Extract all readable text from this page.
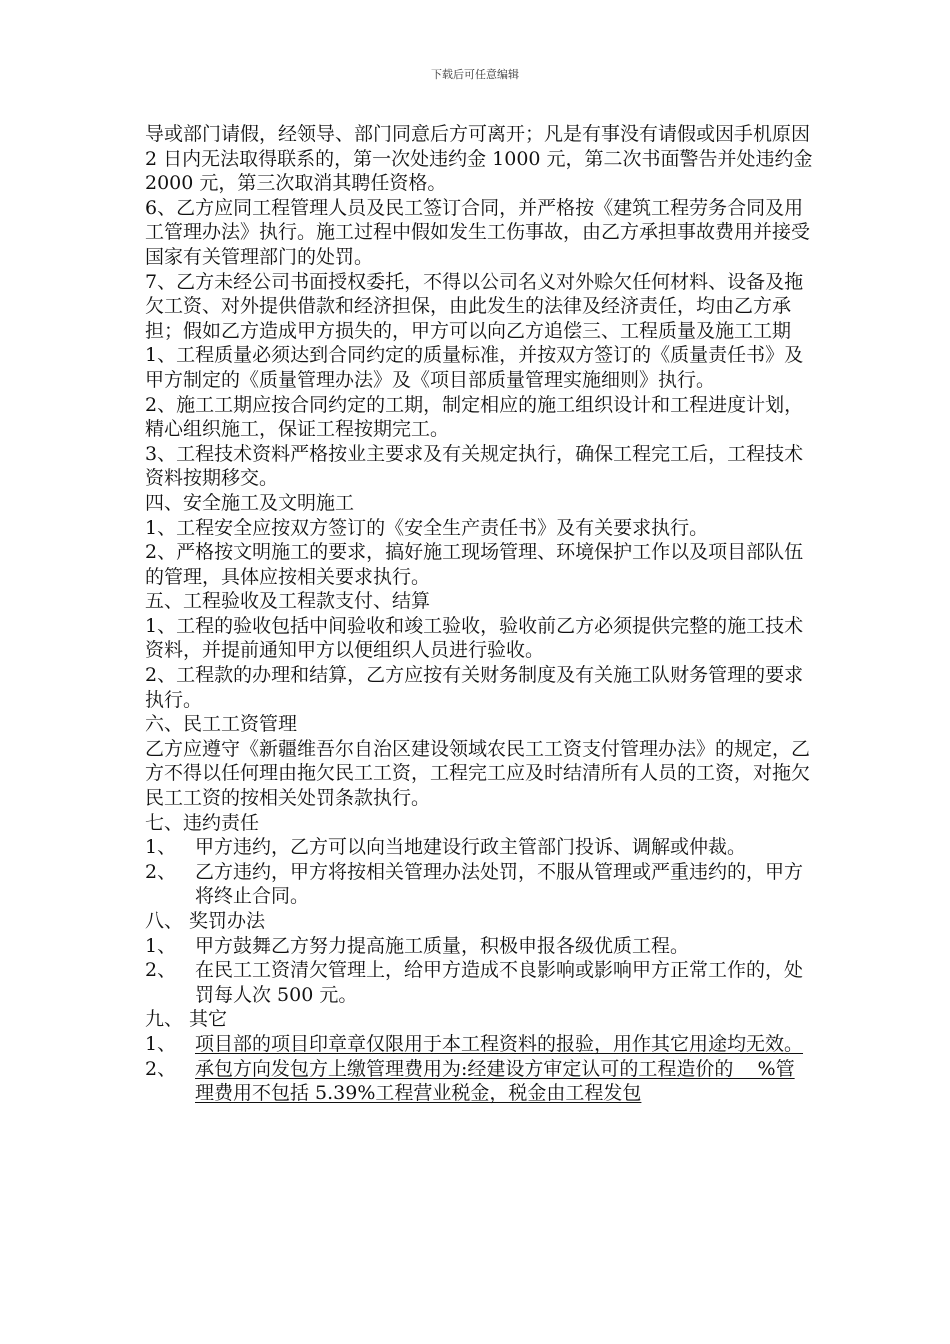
下载后可任意编辑

导或部门请假，经领导、部门同意后方可离开；凡是有事没有请假或因手机原因 2 日内无法取得联系的，第一次处违约金 1000 元，第二次书面警告并处违约金 2000 元，第三次取消其聘任资格。

6、乙方应同工程管理人员及民工签订合同，并严格按《建筑工程劳务合同及用工管理办法》执行。施工过程中假如发生工伤事故，由乙方承担事故费用并接受国家有关管理部门的处罚。

7、乙方未经公司书面授权委托，不得以公司名义对外赊欠任何材料、设备及拖欠工资、对外提供借款和经济担保，由此发生的法律及经济责任，均由乙方承担；假如乙方造成甲方损失的，甲方可以向乙方追偿三、工程质量及施工工期

1、工程质量必须达到合同约定的质量标准，并按双方签订的《质量责任书》及甲方制定的《质量管理办法》及《项目部质量管理实施细则》执行。

2、施工工期应按合同约定的工期，制定相应的施工组织设计和工程进度计划，精心组织施工，保证工程按期完工。

3、工程技术资料严格按业主要求及有关规定执行，确保工程完工后，工程技术资料按期移交。

四、安全施工及文明施工

1、工程安全应按双方签订的《安全生产责任书》及有关要求执行。

2、严格按文明施工的要求，搞好施工现场管理、环境保护工作以及项目部队伍的管理，具体应按相关要求执行。

五、工程验收及工程款支付、结算

1、工程的验收包括中间验收和竣工验收，验收前乙方必须提供完整的施工技术资料，并提前通知甲方以便组织人员进行验收。

2、工程款的办理和结算，乙方应按有关财务制度及有关施工队财务管理的要求执行。

六、民工工资管理

乙方应遵守《新疆维吾尔自治区建设领域农民工工资支付管理办法》的规定，乙方不得以任何理由拖欠民工工资，工程完工应及时结清所有人员的工资，对拖欠民工工资的按相关处罚条款执行。

七、违约责任

1、 甲方违约，乙方可以向当地建设行政主管部门投诉、调解或仲裁。
2、 乙方违约，甲方将按相关管理办法处罚，不服从管理或严重违约的，甲方将终止合同。

八、 奖罚办法

1、 甲方鼓舞乙方努力提高施工质量，积极申报各级优质工程。
2、 在民工工资清欠管理上，给甲方造成不良影响或影响甲方正常工作的，处罚每人次 500 元。

九、 其它

1、 项目部的项目印章章仅限用于本工程资料的报验，用作其它用途均无效。
2、 承包方向发包方上缴管理费用为:经建设方审定认可的工程造价的    %管理费用不包括 5.39%工程营业税金，税金由工程发包
